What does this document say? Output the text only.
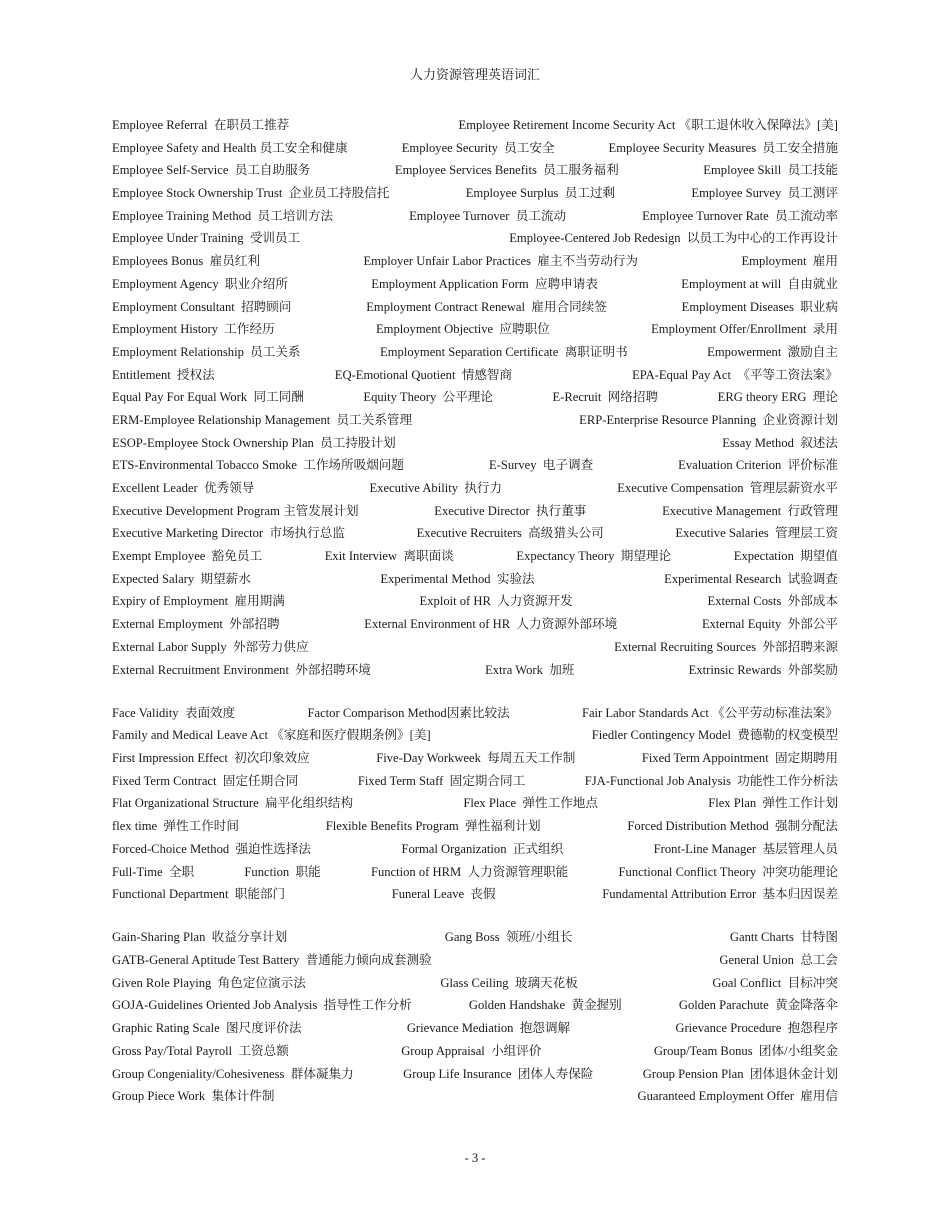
人力资源管理英语词汇
Employee Referral  在职员工推荐	Employee Retirement Income Security Act 《职工退休收入保障法》[美]
Employee Safety and Health 员工安全和健康	Employee Security  员工安全	Employee Security Measures  员工安全措施
Employee Self-Service  员工自助服务	Employee Services Benefits  员工服务福利	Employee Skill  员工技能
Employee Stock Ownership Trust  企业员工持股信托	Employee Surplus  员工过剩	Employee Survey  员工测评
Employee Training Method  员工培训方法	Employee Turnover  员工流动	Employee Turnover Rate  员工流动率
Employee Under Training  受训员工	Employee-Centered Job Redesign  以员工为中心的工作再设计
Employees Bonus  雇员红利	Employer Unfair Labor Practices  雇主不当劳动行为	Employment  雇用
Employment Agency  职业介绍所	Employment Application Form  应聘申请表	Employment at will  自由就业
Employment Consultant  招聘顾问	Employment Contract Renewal  雇用合同续签	Employment Diseases  职业病
Employment History  工作经历	Employment Objective  应聘职位	Employment Offer/Enrollment  录用
Employment Relationship  员工关系	Employment Separation Certificate  离职证明书	Empowerment  激励自主
Entitlement  授权法	EQ-Emotional Quotient  情感智商	EPA-Equal Pay Act  《平等工资法案》
Equal Pay For Equal Work  同工同酬	Equity Theory  公平理论	E-Recruit  网络招聘	ERG theory ERG  理论
ERM-Employee Relationship Management  员工关系管理	ERP-Enterprise Resource Planning  企业资源计划
ESOP-Employee Stock Ownership Plan  员工持股计划	Essay Method  叙述法
ETS-Environmental Tobacco Smoke  工作场所吸烟问题	E-Survey  电子调查	Evaluation Criterion  评价标准
Excellent Leader  优秀领导	Executive Ability  执行力	Executive Compensation  管理层薪资水平
Executive Development Program 主管发展计划	Executive Director  执行董事	Executive Management  行政管理
Executive Marketing Director  市场执行总监	Executive Recruiters  高级猎头公司	Executive Salaries  管理层工资
Exempt Employee  豁免员工	Exit Interview  离职面谈	Expectancy Theory  期望理论	Expectation  期望值
Expected Salary  期望薪水	Experimental Method  实验法	Experimental Research  试验调查
Expiry of Employment  雇用期满	Exploit of HR  人力资源开发	External Costs  外部成本
External Employment  外部招聘	External Environment of HR  人力资源外部环境	External Equity  外部公平
External Labor Supply  外部劳力供应	External Recruiting Sources  外部招聘来源
External Recruitment Environment  外部招聘环境	Extra Work  加班	Extrinsic Rewards  外部奖励
Face Validity  表面效度	Factor Comparison Method因素比较法	Fair Labor Standards Act 《公平劳动标准法案》
Family and Medical Leave Act 《家庭和医疗假期条例》[美]	Fiedler Contingency Model  费德勒的权变模型
First Impression Effect  初次印象效应	Five-Day Workweek  每周五天工作制	Fixed Term Appointment  固定期聘用
Fixed Term Contract  固定任期合同	Fixed Term Staff  固定期合同工	FJA-Functional Job Analysis  功能性工作分析法
Flat Organizational Structure  扁平化组织结构	Flex Place  弹性工作地点	Flex Plan  弹性工作计划
flex time  弹性工作时间	Flexible Benefits Program  弹性福利计划	Forced Distribution Method  强制分配法
Forced-Choice Method  强迫性选择法	Formal Organization  正式组织	Front-Line Manager  基层管理人员
Full-Time  全职	Function  职能	Function of HRM  人力资源管理职能	Functional Conflict Theory  冲突功能理论
Functional Department  职能部门	Funeral Leave  丧假	Fundamental Attribution Error  基本归因误差
Gain-Sharing Plan  收益分享计划	Gang Boss  领班/小组长	Gantt Charts  甘特图
GATB-General Aptitude Test Battery  普通能力倾向成套测验	General Union  总工会
Given Role Playing  角色定位演示法	Glass Ceiling  玻璃天花板	Goal Conflict  目标冲突
GOJA-Guidelines Oriented Job Analysis  指导性工作分析	Golden Handshake  黄金握别	Golden Parachute  黄金降落伞
Graphic Rating Scale  图尺度评价法	Grievance Mediation  抱怨调解	Grievance Procedure  抱怨程序
Gross Pay/Total Payroll  工资总额	Group Appraisal  小组评价	Group/Team Bonus  团体/小组奖金
Group Congeniality/Cohesiveness  群体凝集力	Group Life Insurance  团体人寿保险	Group Pension Plan  团体退休金计划
Group Piece Work  集体计件制	Guaranteed Employment Offer  雇用信
- 3 -
